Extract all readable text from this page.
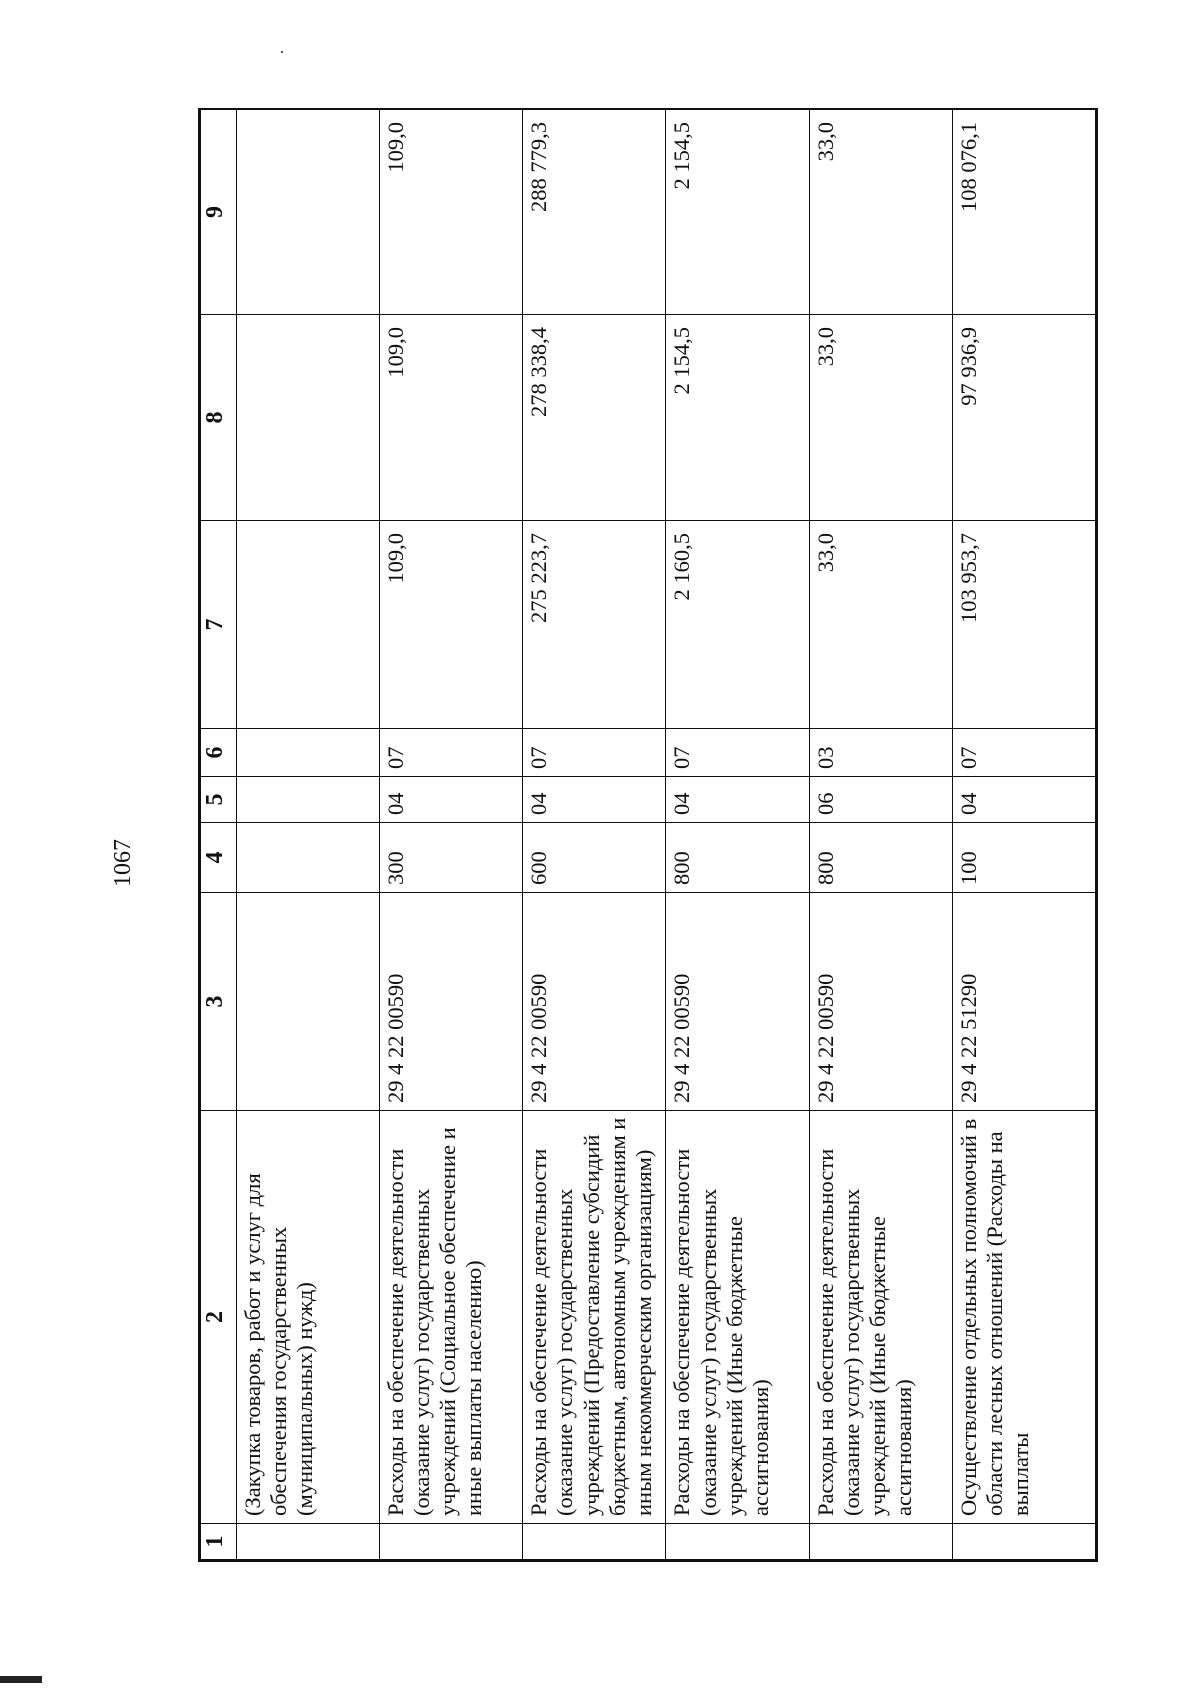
1067
1	2	3	4	5	6	7	8	9
	(Закупка товаров, работ и услуг для обеспечения государственных (муниципальных) нужд)							
	Расходы на обеспечение деятельности (оказание услуг) государственных учреждений (Социальное обеспечение и иные выплаты населению)	29 4 22 00590	300	04	07	109,0	109,0	109,0
	Расходы на обеспечение деятельности (оказание услуг) государственных учреждений (Предоставление субсидий бюджетным, автономным учреждениям и иным некоммерческим организациям)	29 4 22 00590	600	04	07	275 223,7	278 338,4	288 779,3
	Расходы на обеспечение деятельности (оказание услуг) государственных учреждений (Иные бюджетные ассигнования)	29 4 22 00590	800	04	07	2 160,5	2 154,5	2 154,5
	Расходы на обеспечение деятельности (оказание услуг) государственных учреждений (Иные бюджетные ассигнования)	29 4 22 00590	800	06	03	33,0	33,0	33,0
	Осуществление отдельных полномочий в области лесных отношений (Расходы на выплаты	29 4 22 51290	100	04	07	103 953,7	97 936,9	108 076,1
